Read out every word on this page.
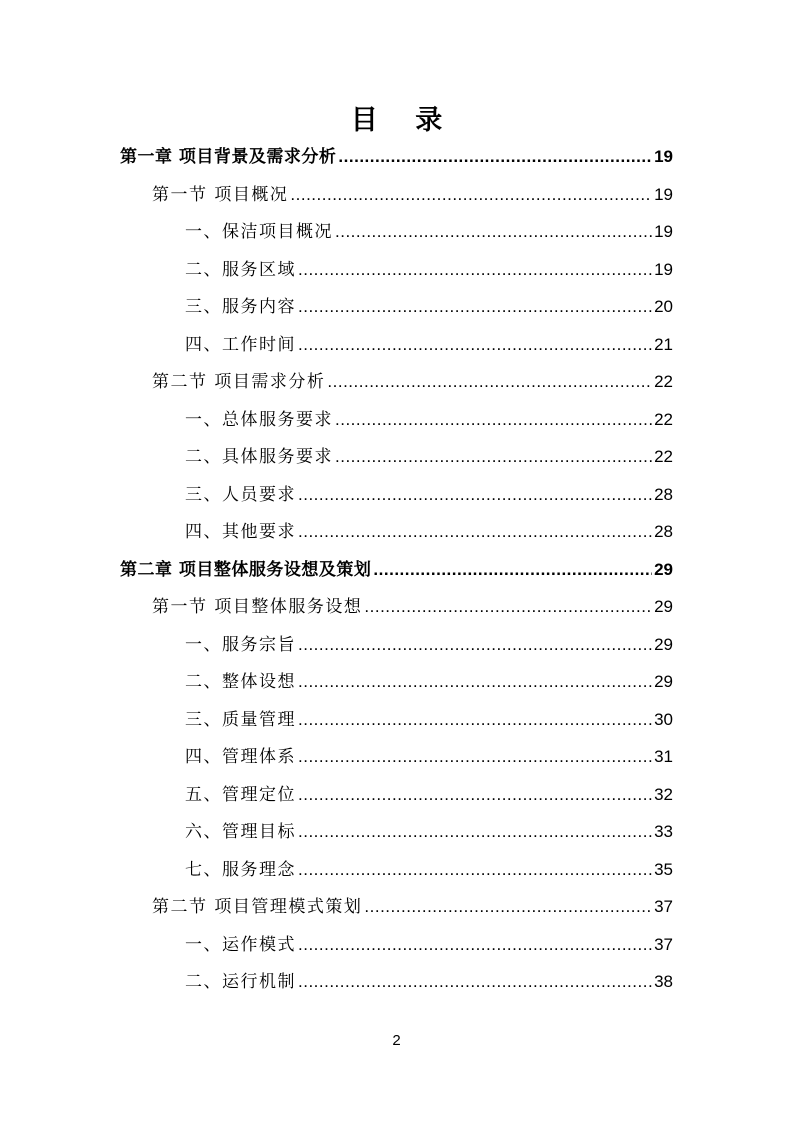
目 录
第一章 项目背景及需求分析 .....	19
第一节 项目概况 .....	19
一、保洁项目概况 .....	19
二、服务区域 .....	19
三、服务内容 .....	20
四、工作时间 .....	21
第二节 项目需求分析 .....	22
一、总体服务要求 .....	22
二、具体服务要求 .....	22
三、人员要求 .....	28
四、其他要求 .....	28
第二章 项目整体服务设想及策划 .....	29
第一节 项目整体服务设想 .....	29
一、服务宗旨 .....	29
二、整体设想 .....	29
三、质量管理 .....	30
四、管理体系 .....	31
五、管理定位 .....	32
六、管理目标 .....	33
七、服务理念 .....	35
第二节 项目管理模式策划 .....	37
一、运作模式 .....	37
二、运行机制 .....	38
2
